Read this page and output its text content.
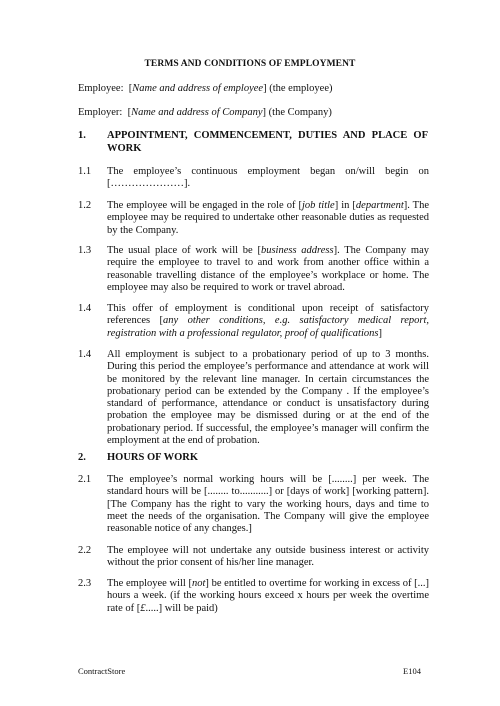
TERMS AND CONDITIONS OF EMPLOYMENT
Employee: [Name and address of employee] (the employee)
Employer: [Name and address of Company] (the Company)
1. APPOINTMENT, COMMENCEMENT, DUTIES AND PLACE OF WORK
1.1 The employee’s continuous employment began on/will begin on […………………].
1.2 The employee will be engaged in the role of [job title] in [department]. The employee may be required to undertake other reasonable duties as requested by the Company.
1.3 The usual place of work will be [business address]. The Company may require the employee to travel to and work from another office within a reasonable travelling distance of the employee’s workplace or home. The employee may also be required to work or travel abroad.
1.4 This offer of employment is conditional upon receipt of satisfactory references [any other conditions, e.g. satisfactory medical report, registration with a professional regulator, proof of qualifications]
1.4 All employment is subject to a probationary period of up to 3 months. During this period the employee’s performance and attendance at work will be monitored by the relevant line manager. In certain circumstances the probationary period can be extended by the Company . If the employee’s standard of performance, attendance or conduct is unsatisfactory during probation the employee may be dismissed during or at the end of the probationary period. If successful, the employee’s manager will confirm the employment at the end of probation.
2. HOURS OF WORK
2.1 The employee’s normal working hours will be [........] per week. The standard hours will be [........ to...........] or [days of work] [working pattern]. [The Company has the right to vary the working hours, days and time to meet the needs of the organisation. The Company will give the employee reasonable notice of any changes.]
2.2 The employee will not undertake any outside business interest or activity without the prior consent of his/her line manager.
2.3 The employee will [not] be entitled to overtime for working in excess of [...] hours a week. (if the working hours exceed x hours per week the overtime rate of [£.....] will be paid)
ContractStore	E104
